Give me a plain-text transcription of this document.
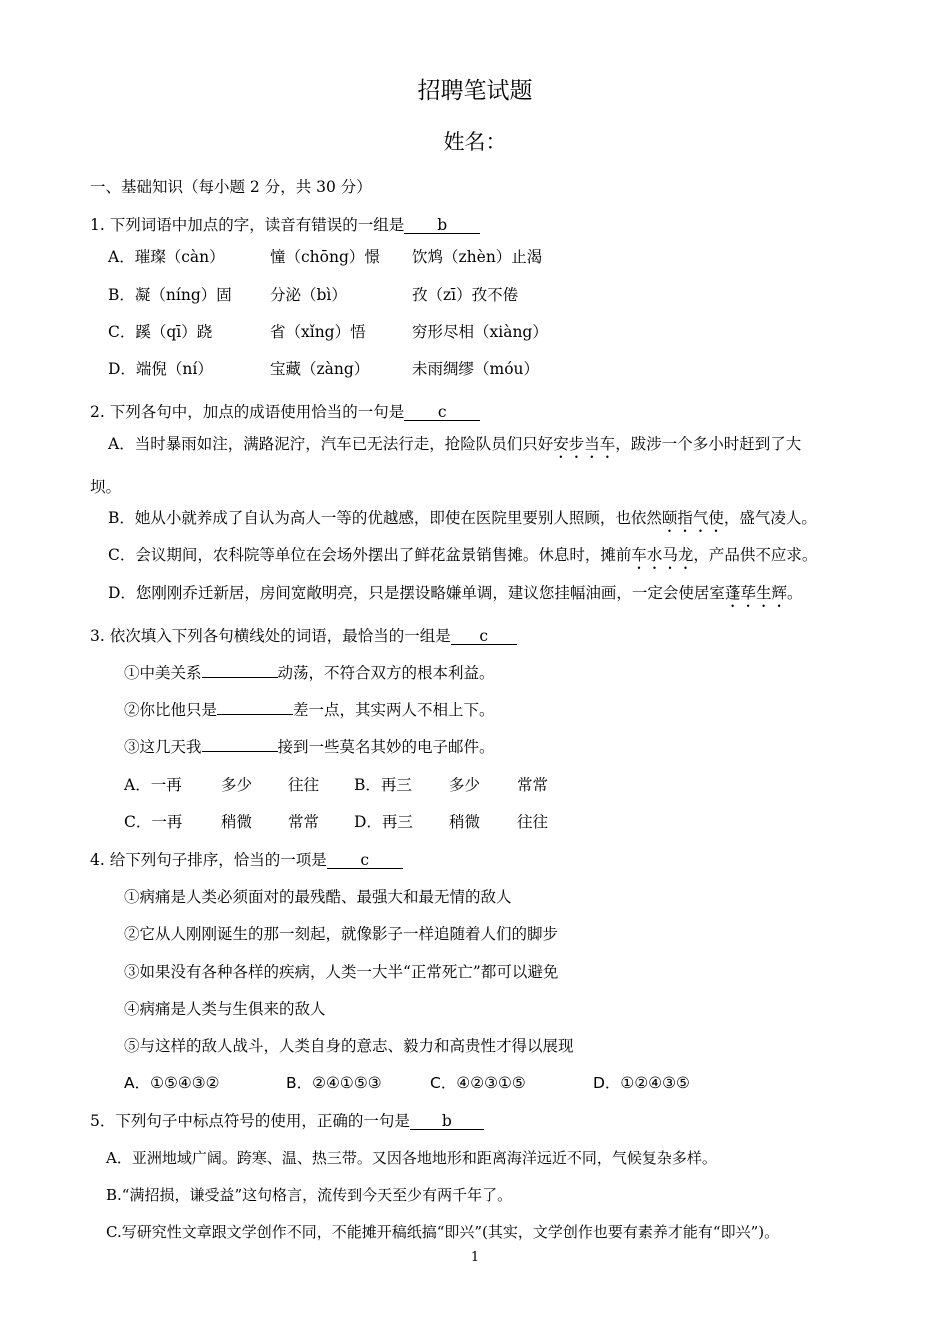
招聘笔试题
姓名：
一、基础知识（每小题 2 分，共 30 分）
1. 下列词语中加点的字，读音有错误的一组是 b
A．璀璨（càn）	憧（chōng）憬 饮鸩（zhèn）止渴
B．凝（níng）固 分泌（bì）	孜（zī）孜不倦
C．蹊（qī）跷	省（xǐng）悟	穷形尽相（xiàng）
D．端倪（ní）	宝藏（zàng）	未雨绸缪（móu）
2. 下列各句中，加点的成语使用恰当的一句是 c
A．当时暴雨如注，满路泥泞，汽车已无法行走，抢险队员们只好安步当车，跋涉一个多小时赶到了大
坝。
B．她从小就养成了自认为高人一等的优越感，即使在医院里要别人照顾，也依然颐指气使，盛气凌人。
C．会议期间，农科院等单位在会场外摆出了鲜花盆景销售摊。休息时，摊前车水马龙，产品供不应求。
D．您刚刚乔迁新居，房间宽敞明亮，只是摆设略嫌单调，建议您挂幅油画，一定会使居室蓬荜生辉。
3. 依次填入下列各句横线处的词语，最恰当的一组是 c
①中美关系	动荡，不符合双方的根本利益。
②你比他只是	差一点，其实两人不相上下。
③这几天我	接到一些莫名其妙的电子邮件。
A．一再	多少 往往 B．再三 多少 常常
C．一再 稍微 常常 D．再三 稍微 往往
4. 给下列句子排序，恰当的一项是 c
①病痛是人类必须面对的最残酷、最强大和最无情的敌人
②它从人刚刚诞生的那一刻起，就像影子一样追随着人们的脚步
③如果没有各种各样的疾病，人类一大半“正常死亡”都可以避免
④病痛是人类与生俱来的敌人
⑤与这样的敌人战斗，人类自身的意志、毅力和高贵性才得以展现
A．①⑤④③②	B．②④①⑤③	C．④②③①⑤	D．①②④③⑤
5．下列句子中标点符号的使用，正确的一句是 b
A．亚洲地域广阔。跨寒、温、热三带。又因各地地形和距离海洋远近不同，气候复杂多样。
B.“满招损，谦受益”这句格言，流传到今天至少有两千年了。
C.写研究性文章跟文学创作不同，不能摊开稿纸搞“即兴”(其实，文学创作也要有素养才能有“即兴”)。
1
